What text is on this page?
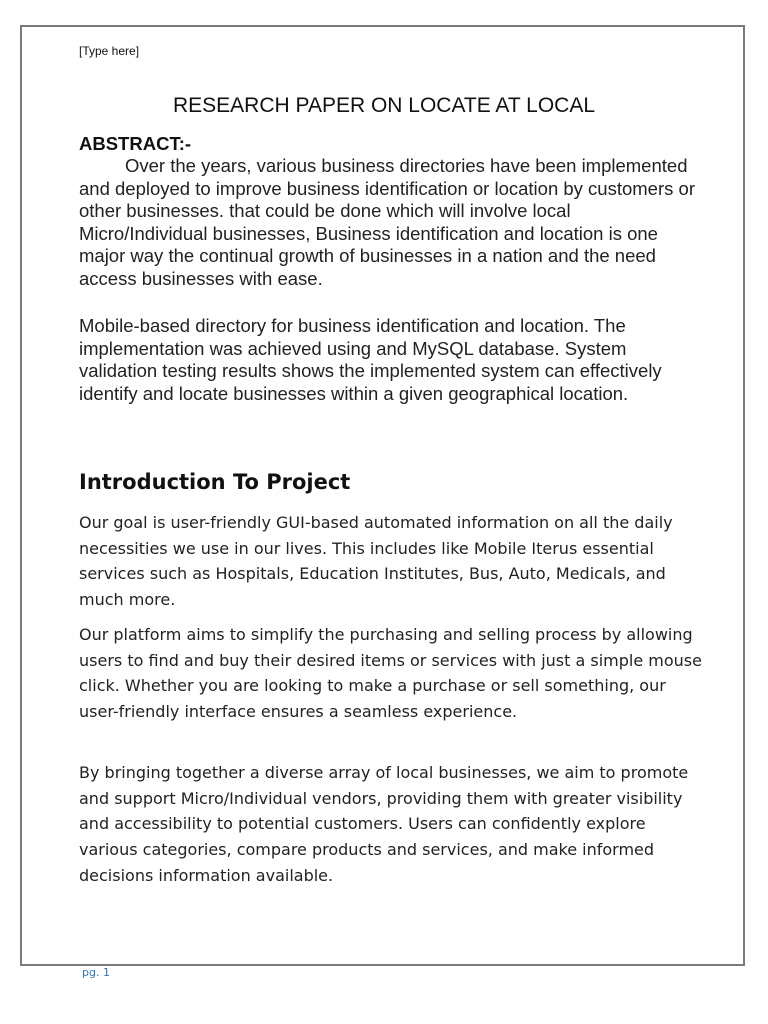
[Type here]
RESEARCH PAPER ON LOCATE AT LOCAL
ABSTRACT:-

Over the years, various business directories have been implemented and deployed to improve business identification or location by customers or other businesses. that could be done which will involve local Micro/Individual businesses, Business identification and location is one major way the continual growth of businesses in a nation and the need access businesses with ease.

Mobile-based directory for business identification and location. The implementation was achieved using and MySQL database. System validation testing results shows the implemented system can effectively identify and locate businesses within a given geographical location.

Introduction To Project

Our goal is user-friendly GUI-based automated information on all the daily necessities we use in our lives. This includes like Mobile Iterus essential services such as Hospitals, Education Institutes, Bus, Auto, Medicals, and much more.

Our platform aims to simplify the purchasing and selling process by allowing users to find and buy their desired items or services with just a simple mouse click. Whether you are looking to make a purchase or sell something, our user-friendly interface ensures a seamless experience.

By bringing together a diverse array of local businesses, we aim to promote and support Micro/Individual vendors, providing them with greater visibility and accessibility to potential customers. Users can confidently explore various categories, compare products and services, and make informed decisions information available.

pg. 1
